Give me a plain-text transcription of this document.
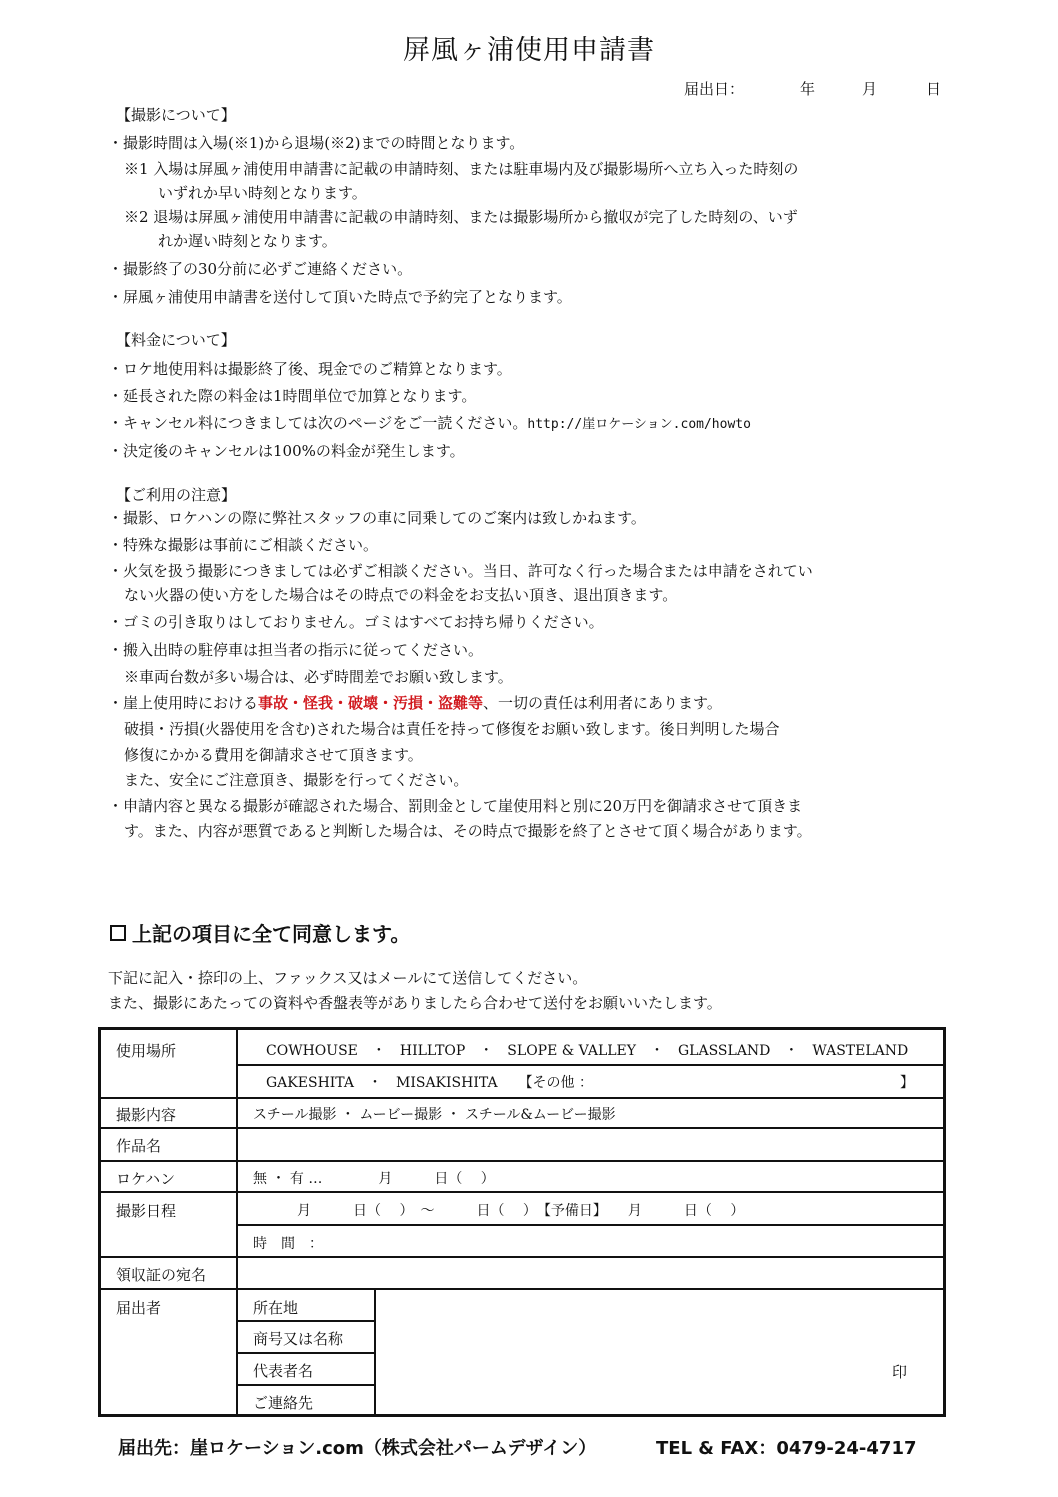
屏風ヶ浦使用申請書
届出日：	年	月	日
【撮影について】
・撮影時間は入場(※1)から退場(※2)までの時間となります。
※1 入場は屏風ヶ浦使用申請書に記載の申請時刻、または駐車場内及び撮影場所へ立ち入った時刻の
いずれか早い時刻となります。
※2 退場は屏風ヶ浦使用申請書に記載の申請時刻、または撮影場所から撤収が完了した時刻の、いず
れか遅い時刻となります。
・撮影終了の30分前に必ずご連絡ください。
・屏風ヶ浦使用申請書を送付して頂いた時点で予約完了となります。
【料金について】
・ロケ地使用料は撮影終了後、現金でのご精算となります。
・延長された際の料金は1時間単位で加算となります。
・キャンセル料につきましては次のページをご一読ください。http://崖ロケーション.com/howto
・決定後のキャンセルは100%の料金が発生します。
【ご利用の注意】
・撮影、ロケハンの際に弊社スタッフの車に同乗してのご案内は致しかねます。
・特殊な撮影は事前にご相談ください。
・火気を扱う撮影につきましては必ずご相談ください。当日、許可なく行った場合または申請をされてい
ない火器の使い方をした場合はその時点での料金をお支払い頂き、退出頂きます。
・ゴミの引き取りはしておりません。ゴミはすべてお持ち帰りください。
・搬入出時の駐停車は担当者の指示に従ってください。
※車両台数が多い場合は、必ず時間差でお願い致します。
・崖上使用時における事故・怪我・破壊・汚損・盗難等、一切の責任は利用者にあります。
破損・汚損(火器使用を含む)された場合は責任を持って修復をお願い致します。後日判明した場合
修復にかかる費用を御請求させて頂きます。
また、安全にご注意頂き、撮影を行ってください。
・申請内容と異なる撮影が確認された場合、罰則金として崖使用料と別に20万円を御請求させて頂きま
す。また、内容が悪質であると判断した場合は、その時点で撮影を終了とさせて頂く場合があります。
上記の項目に全て同意します。
下記に記入・捺印の上、ファックス又はメールにて送信してください。
また、撮影にあたっての資料や香盤表等がありましたら合わせて送付をお願いいたします。
使用場所	COWHOUSE　・　HILLTOP　・　SLOPE & VALLEY　・　GLASSLAND　・　WASTELAND
GAKESHITA　・　MISAKISHITA　　【その他 ：	】
撮影内容	スチール撮影 ・ ムービー撮影 ・ スチール&ムービー撮影
作品名
ロケハン	無 ・ 有 …　　　　月　　　日（　 ）
撮影日程	月　　　日（　 ）　〜　　　日（　 ）　【予備日】　　月　　　日（　 ）
時　間　：
領収証の宛名
届出者	所在地
商号又は名称
代表者名
ご連絡先
印
届出先：崖ロケーション.com（株式会社パームデザイン）	TEL & FAX：0479-24-4717
